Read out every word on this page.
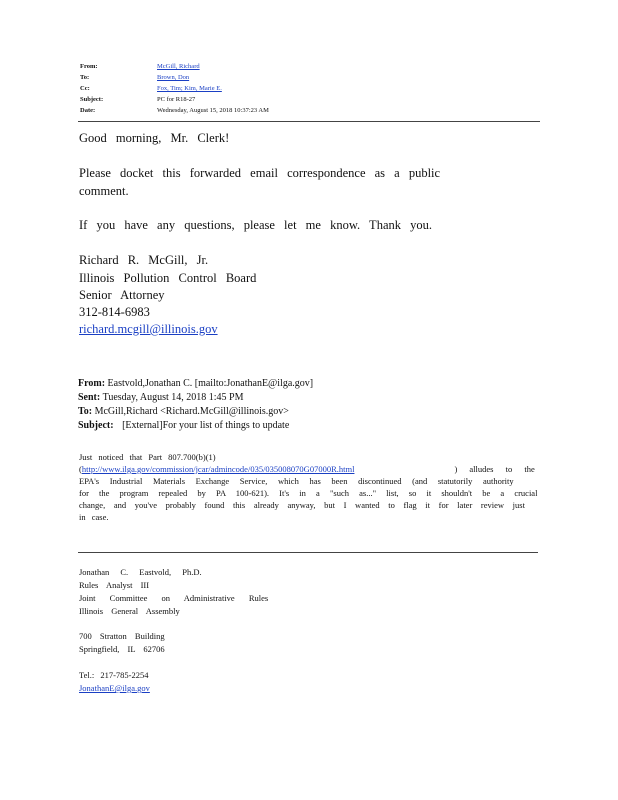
From:	McGill, Richard
To:	Brown, Don
Cc:	Fox, Tim; Kim, Marie E.
Subject:	PC for R18-27
Date:	Wednesday, August 15, 2018 10:37:23 AM
Good morning, Mr. Clerk!
Please docket this forwarded email correspondence as a public
comment.
If you have any questions, please let me know. Thank you.
Richard R. McGill, Jr.
Illinois Pollution Control Board
Senior Attorney
312-814-6983
richard.mcgill@illinois.gov
From: Eastvold,Jonathan C. [mailto:JonathanE@ilga.gov]
Sent: Tuesday, August 14, 2018 1:45 PM
To: McGill,Richard <Richard.McGill@illinois.gov>
Subject: [External]For your list of things to update
Just noticed that Part 807.700(b)(1)
(http://www.ilga.gov/commission/jcar/admincode/035/035008070G07000R.html	) alludes to the
EPA's Industrial Materials Exchange Service, which has been discontinued (and statutorily authority
for the program repealed by PA 100-621). It's in a "such as..." list, so it shouldn't be a crucial
change, and you've probably found this already anyway, but I wanted to flag it for later review just
in case.
Jonathan C. Eastvold, Ph.D.
Rules Analyst III
Joint Committee on Administrative Rules
Illinois General Assembly
700 Stratton Building
Springfield, IL 62706
Tel.: 217-785-2254
JonathanE@ilga.gov
